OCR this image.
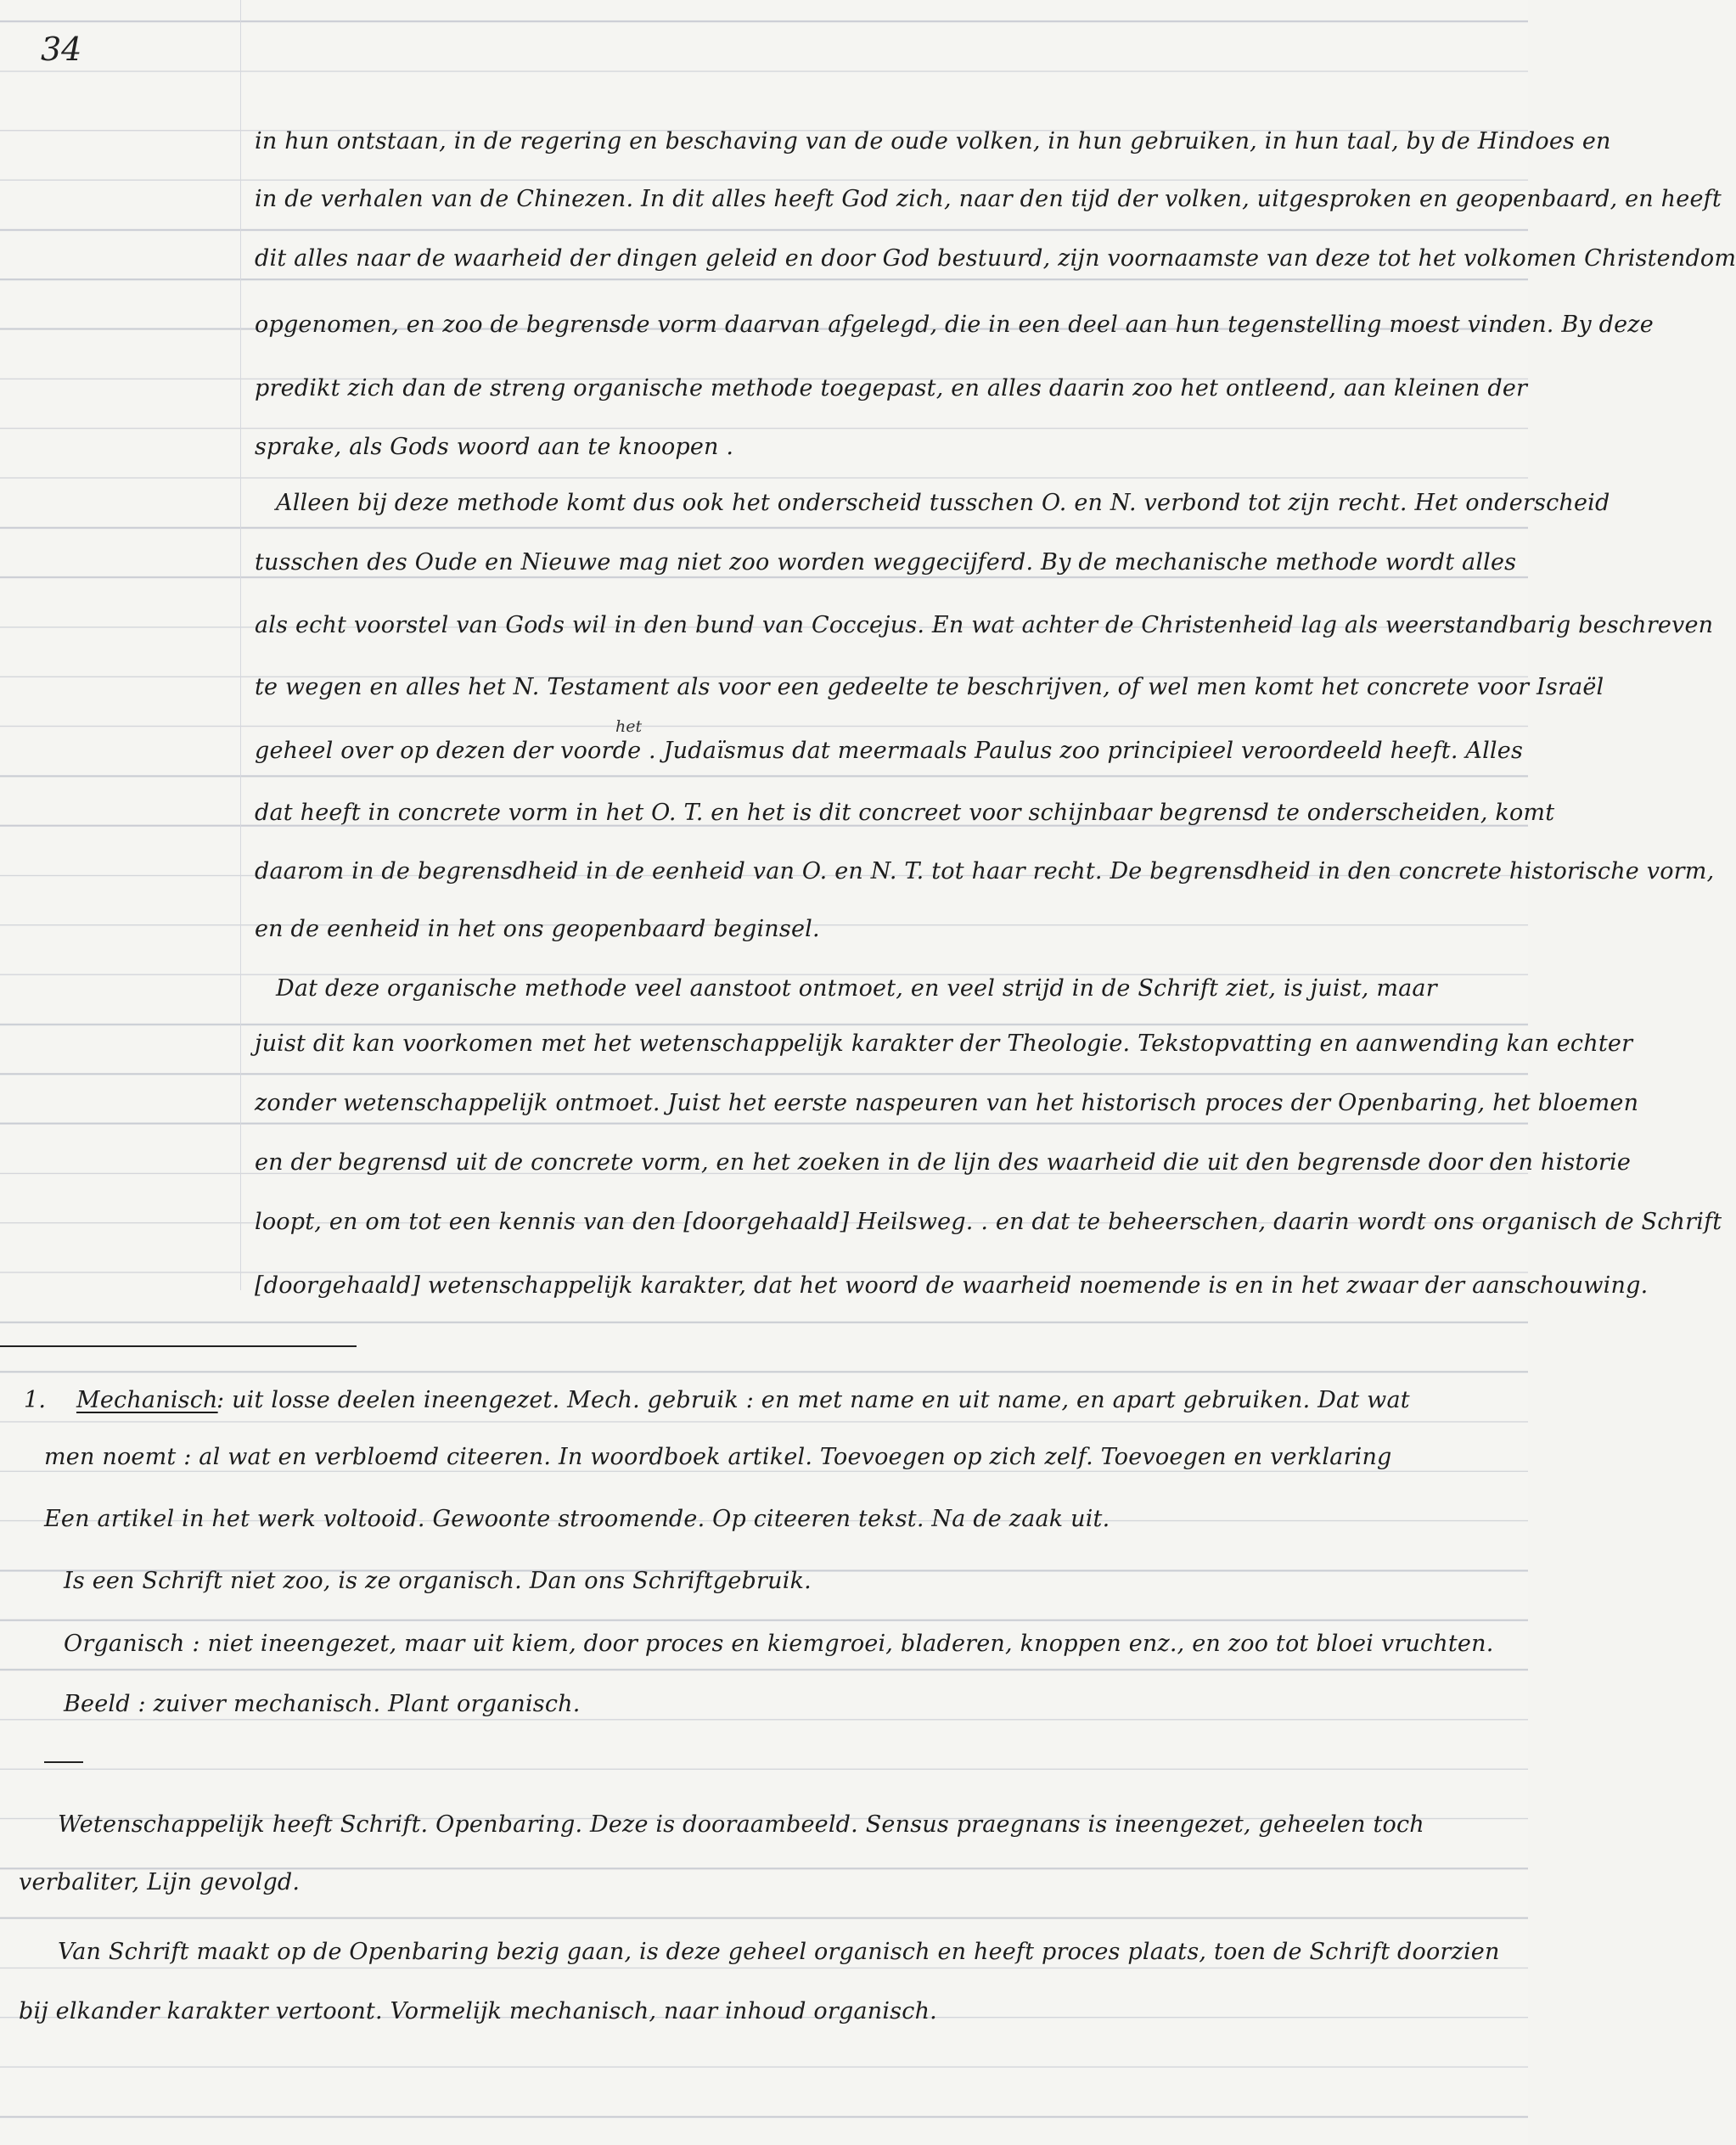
34
in hun ontstaan, in de regering en beschaving van de oude volken, in hun gebruiken, in hun taal, by de Hindoes en
in de verhalen van de Chinezen. In dit alles heeft God zich, naar den tijd der volken, uitgesproken en geopenbaard, en heeft
dit alles naar de waarheid der dingen geleid en door God bestuurd, zijn voornaamste van deze tot het volkomen Christendom
opgenomen, en zoo de begrensde vorm daarvan afgelegd, die in een deel aan hun tegenstelling moest vinden. By deze
predikt zich dan de streng organische methode toegepast, en alles daarin zoo het ontleend, aan kleinen der
sprake, als Gods woord aan te knoopen .
Alleen bij deze methode komt dus ook het onderscheid tusschen O. en N. verbond tot zijn recht. Het onderscheid
tusschen des Oude en Nieuwe mag niet zoo worden weggecijferd. By de mechanische methode wordt alles
als echt voorstel van Gods wil in den bund van Coccejus. En wat achter de Christenheid lag als weerstandbarig beschreven
te wegen en alles het N. Testament als voor een gedeelte te beschrijven, of wel men komt het concrete voor Israël
het
geheel over op dezen der voorde . Judaïsmus dat meermaals Paulus zoo principieel veroordeeld heeft. Alles
dat heeft in concrete vorm in het O. T. en het is dit concreet voor schijnbaar begrensd te onderscheiden, komt
daarom in de begrensdheid in de eenheid van O. en N. T. tot haar recht. De begrensdheid in den concrete historische vorm,
en de eenheid in het ons geopenbaard beginsel.
Dat deze organische methode veel aanstoot ontmoet, en veel strijd in de Schrift ziet, is juist, maar
juist dit kan voorkomen met het wetenschappelijk karakter der Theologie. Tekstopvatting en aanwending kan echter
zonder wetenschappelijk ontmoet. Juist het eerste naspeuren van het historisch proces der Openbaring, het bloemen
en der begrensd uit de concrete vorm, en het zoeken in de lijn des waarheid die uit den begrensde door den historie
loopt, en om tot een kennis van den [doorgehaald] Heilsweg. . en dat te beheerschen, daarin wordt ons organisch de Schrift
[doorgehaald] wetenschappelijk karakter, dat het woord de waarheid noemende is en in het zwaar der aanschouwing.
1.	Mechanisch
: uit losse deelen ineengezet. Mech. gebruik : en met name en uit name, en apart gebruiken. Dat wat
men noemt : al wat en verbloemd citeeren. In woordboek artikel. Toevoegen op zich zelf. Toevoegen en verklaring
Een artikel in het werk voltooid. Gewoonte stroomende. Op citeeren tekst. Na de zaak uit.
Is een Schrift niet zoo, is ze organisch. Dan ons Schriftgebruik.
Organisch : niet ineengezet, maar uit kiem, door proces en kiemgroei, bladeren, knoppen enz., en zoo tot bloei vruchten.
Beeld : zuiver mechanisch. Plant organisch.
Wetenschappelijk heeft Schrift. Openbaring. Deze is dooraambeeld. Sensus praegnans is ineengezet, geheelen toch
verbaliter, Lijn gevolgd.
Van Schrift maakt op de Openbaring bezig gaan, is deze geheel organisch en heeft proces plaats, toen de Schrift doorzien
bij elkander karakter vertoont. Vormelijk mechanisch, naar inhoud organisch.
